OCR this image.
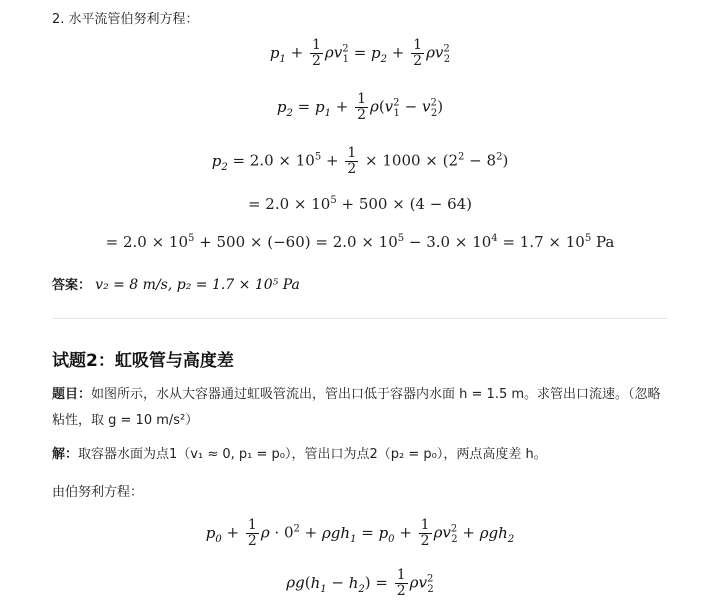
2. 水平流管伯努利方程：
$p_1 + \frac{1}{2} \rho v^2_1 = p_2 + \frac{1}{2} \rho v^2_2$
$p_2 = p_1 + \frac{1}{2} \rho(v^2_1 - v^2_2)$
$p_2 = 2.0 \times 10^5 + \frac{1}{2} \times 1000 \times (2^2 - 8^2)$
= $2.0 \times 10^5 + 500 \times (4 - 64)$
= $2.0 \times 10^5 + 500 \times (-60) = 2.0 \times 10^5 - 3.0 \times 10^4 = 1.7 \times 10^5$ Pa
答案： v₂ = 8 m/s, p₂ = 1.7 × 10⁵ Pa
试题2：虹吸管与高度差
题目：如图所示，水从大容器通过虹吸管流出，管出口低于容器内水面 h = 1.5 m。求管出口流速。（忽略粘性，取 g = 10 m/s²）
解：取容器水面为点1（v₁ ≈ 0, p₁ = p₀），管出口为点2（p₂ = p₀），两点高度差 h。
由伯努利方程：
$p_0 + \frac{1}{2}$ $\rho \cdot 0^2 + \rho gh_1 = p_0 + \frac{1}{2} \rho v^2_2 + \rho gh_2$
$\rho g(h_1 - h_2) = \frac{1}{2} \rho v^2_2$
